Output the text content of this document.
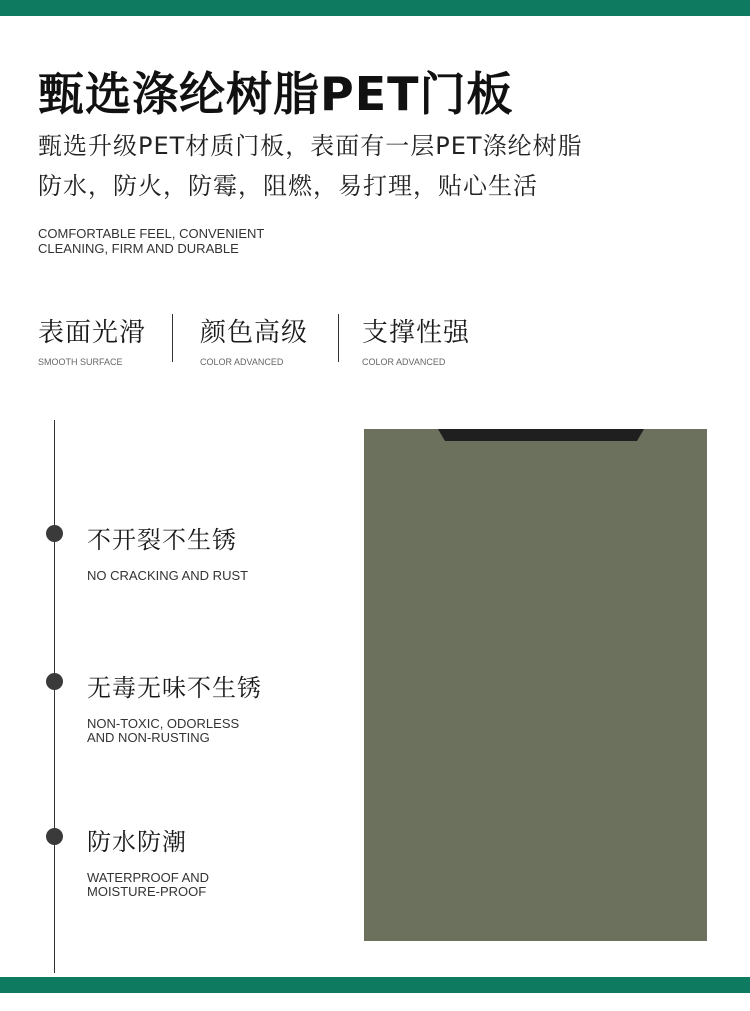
甄选涤纶树脂PET门板
甄选升级PET材质门板，表面有一层PET涤纶树脂
防水，防火，防霉，阻燃，易打理，贴心生活
COMFORTABLE FEEL, CONVENIENT
CLEANING, FIRM AND DURABLE
表面光滑
SMOOTH SURFACE
颜色高级
COLOR ADVANCED
支撑性强
COLOR ADVANCED
不开裂不生锈
NO CRACKING AND RUST
无毒无味不生锈
NON-TOXIC, ODORLESS
AND NON-RUSTING
防水防潮
WATERPROOF AND
MOISTURE-PROOF
